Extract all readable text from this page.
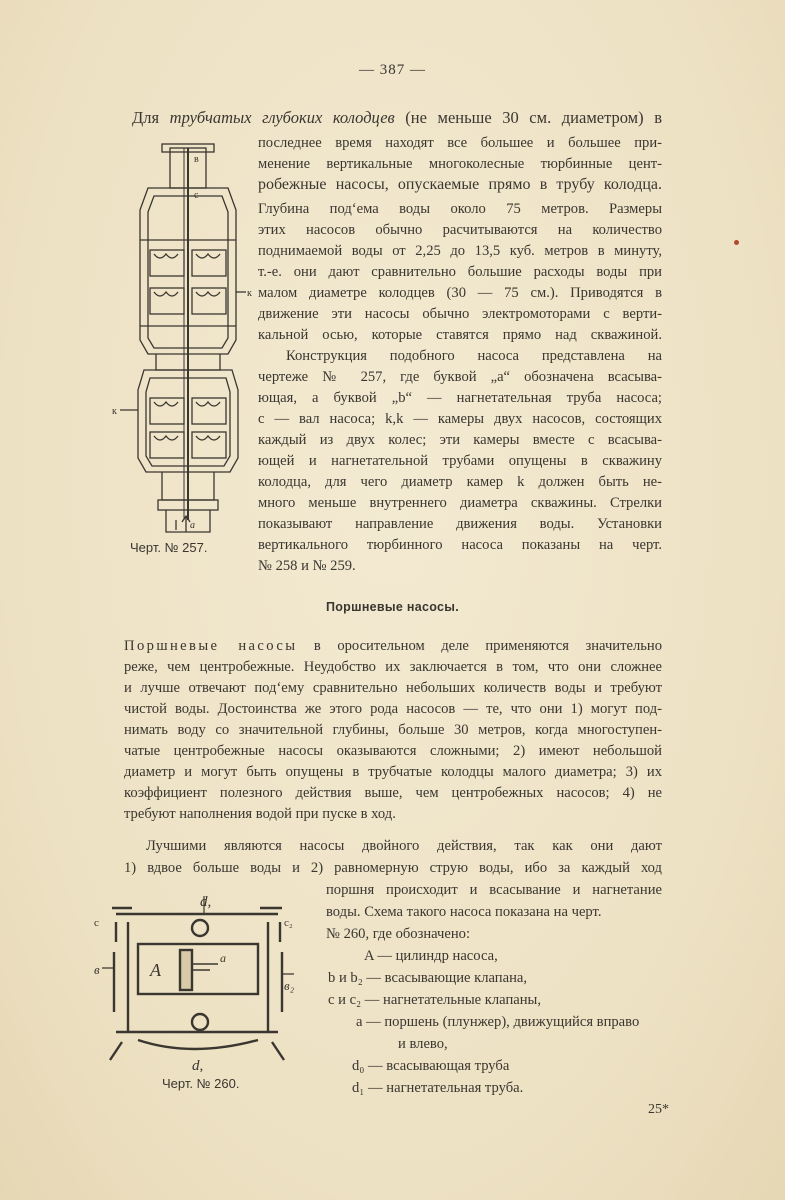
— 387 —
Для трубчатых глубоких колодцев (не меньше 30 см. диаметром) в
последнее время находят все большее и большее при-
менение вертикальные многоколесные тюрбинные цент-
робежные насосы, опускаемые прямо в трубу колодца.
Глубина под‘ема воды около 75 метров. Размеры
этих насосов обычно расчитываются на количество
поднимаемой воды от 2,25 до 13,5 куб. метров в минуту,
т.-е. они дают сравнительно большие расходы воды при
малом диаметре колодцев (30 — 75 см.). Приводятся в
движение эти насосы обычно электромоторами с верти-
кальной осью, которые ставятся прямо над скважиной.
Конструкция подобного насоса представлена на
чертеже № 257, где буквой „a“ обозначена всасыва-
ющая, а буквой „b“ — нагнетательная труба насоса;
c — вал насоса; k,k — камеры двух насосов, состоящих
каждый из двух колес; эти камеры вместе с всасыва-
ющей и нагнетательной трубами опущены в скважину
колодца, для чего диаметр камер k должен быть не-
много меньше внутреннего диаметра скважины. Стрелки
показывают направление движения воды. Установки
вертикального тюрбинного насоса показаны на черт.
№ 258 и № 259.
в
с
к
к
a
Черт. № 257.
Поршневые насосы.
Поршневые насосы в оросительном деле применяются значительно
реже, чем центробежные. Неудобство их заключается в том, что они сложнее
и лучше отвечают под‘ему сравнительно небольших количеств воды и требуют
чистой воды. Достоинства же этого рода насосов — те, что они 1) могут под-
нимать воду со значительной глубины, больше 30 метров, когда многоступен-
чатые центробежные насосы оказываются сложными; 2) имеют небольшой
диаметр и могут быть опущены в трубчатые колодцы малого диаметра; 3) их
коэффициент полезного действия выше, чем центробежных насосов; 4) не
требуют наполнения водой при пуске в ход.
Лучшими являются насосы двойного действия, так как они дают
1) вдвое больше воды и 2) равномерную струю воды, ибо за каждый ход
поршня происходит и всасывание и нагнетание
воды. Схема такого насоса показана на черт.
№ 260, где обозначено:
A — цилиндр насоса,
b и b₂ — всасывающие клапана,
c и c₂ — нагнетательные клапаны,
a — поршень (плунжер), движущийся вправо
и влево,
d₀ — всасывающая труба
d₁ — нагнетательная труба.
d,
c	c₂
в
в₂
A
a
d,
Черт. № 260.
25*
